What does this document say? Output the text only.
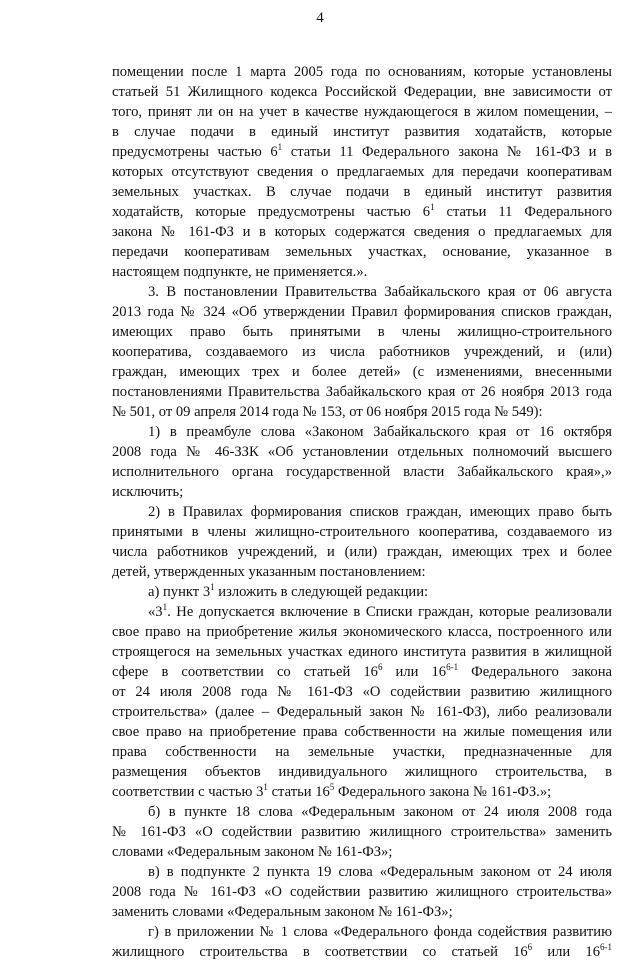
4
помещении после 1 марта 2005 года по основаниям, которые установлены
статьей 51 Жилищного кодекса Российской Федерации, вне зависимости от
того, принят ли он на учет в качестве нуждающегося в жилом помещении, –
в случае подачи в единый институт развития ходатайств, которые
предусмотрены частью $6^1$ статьи 11 Федерального закона № 161-ФЗ и в
которых отсутствуют сведения о предлагаемых для передачи кооперативам
земельных участках. В случае подачи в единый институт развития
ходатайств, которые предусмотрены частью $6^1$ статьи 11 Федерального
закона № 161-ФЗ и в которых содержатся сведения о предлагаемых для
передачи кооперативам земельных участках, основание, указанное в
настоящем подпункте, не применяется.».
3. В постановлении Правительства Забайкальского края от 06 августа
2013 года № 324 «Об утверждении Правил формирования списков граждан,
имеющих право быть принятыми в члены жилищно-строительного
кооператива, создаваемого из числа работников учреждений, и (или)
граждан, имеющих трех и более детей» (с изменениями, внесенными
постановлениями Правительства Забайкальского края от 26 ноября 2013 года
№ 501, от 09 апреля 2014 года № 153, от 06 ноября 2015 года № 549):
1) в преамбуле слова «Законом Забайкальского края от 16 октября
2008 года № 46-ЗЗК «Об установлении отдельных полномочий высшего
исполнительного органа государственной власти Забайкальского края»,»
исключить;
2) в Правилах формирования списков граждан, имеющих право быть
принятыми в члены жилищно-строительного кооператива, создаваемого из
числа работников учреждений, и (или) граждан, имеющих трех и более
детей, утвержденных указанным постановлением:
а) пункт $3^1$ изложить в следующей редакции:
«$3^1$. Не допускается включение в Списки граждан, которые реализовали
свое право на приобретение жилья экономического класса, построенного или
строящегося на земельных участках единого института развития в жилищной
сфере в соответствии со статьей $16^6$ или 16$^{6-1}$ Федерального закона
от 24 июля 2008 года № 161-ФЗ «О содействии развитию жилищного
строительства» (далее – Федеральный закон № 161-ФЗ), либо реализовали
свое право на приобретение права собственности на жилые помещения или
права собственности на земельные участки, предназначенные для
размещения объектов индивидуального жилищного строительства, в
соответствии с частью $3^1$ статьи $16^5$ Федерального закона № 161-ФЗ.»;
б) в пункте 18 слова «Федеральным законом от 24 июля 2008 года
№ 161-ФЗ «О содействии развитию жилищного строительства» заменить
словами «Федеральным законом № 161-ФЗ»;
в) в подпункте 2 пункта 19 слова «Федеральным законом от 24 июля
2008 года № 161-ФЗ «О содействии развитию жилищного строительства»
заменить словами «Федеральным законом № 161-ФЗ»;
г) в приложении № 1 слова «Федерального фонда содействия развитию
жилищного строительства в соответствии со статьей $16^6$ или 16$^{6-1}$
